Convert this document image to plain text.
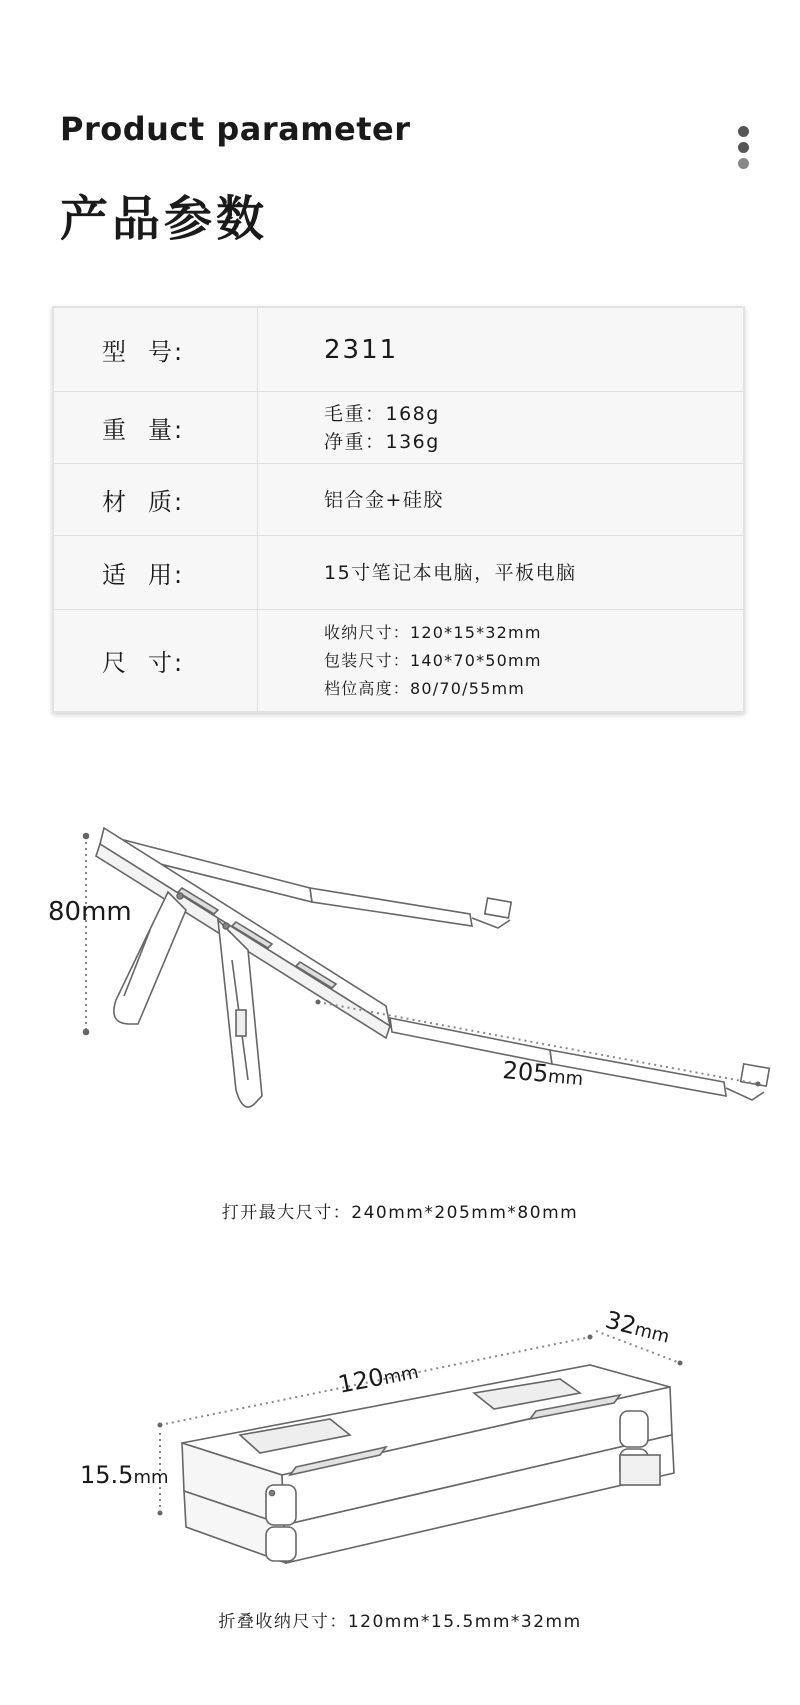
Product parameter
产品参数
型 号:	2311
重 量:
毛重：168g
净重：136g
材 质:	铝合金+硅胶
适 用:	15寸笔记本电脑，平板电脑
尺 寸:
收纳尺寸：120*15*32mm
包装尺寸：140*70*50mm
档位高度：80/70/55mm
80mm
205mm
打开最大尺寸：240mm*205mm*80mm
120mm
32mm
15.5mm
折叠收纳尺寸：120mm*15.5mm*32mm
